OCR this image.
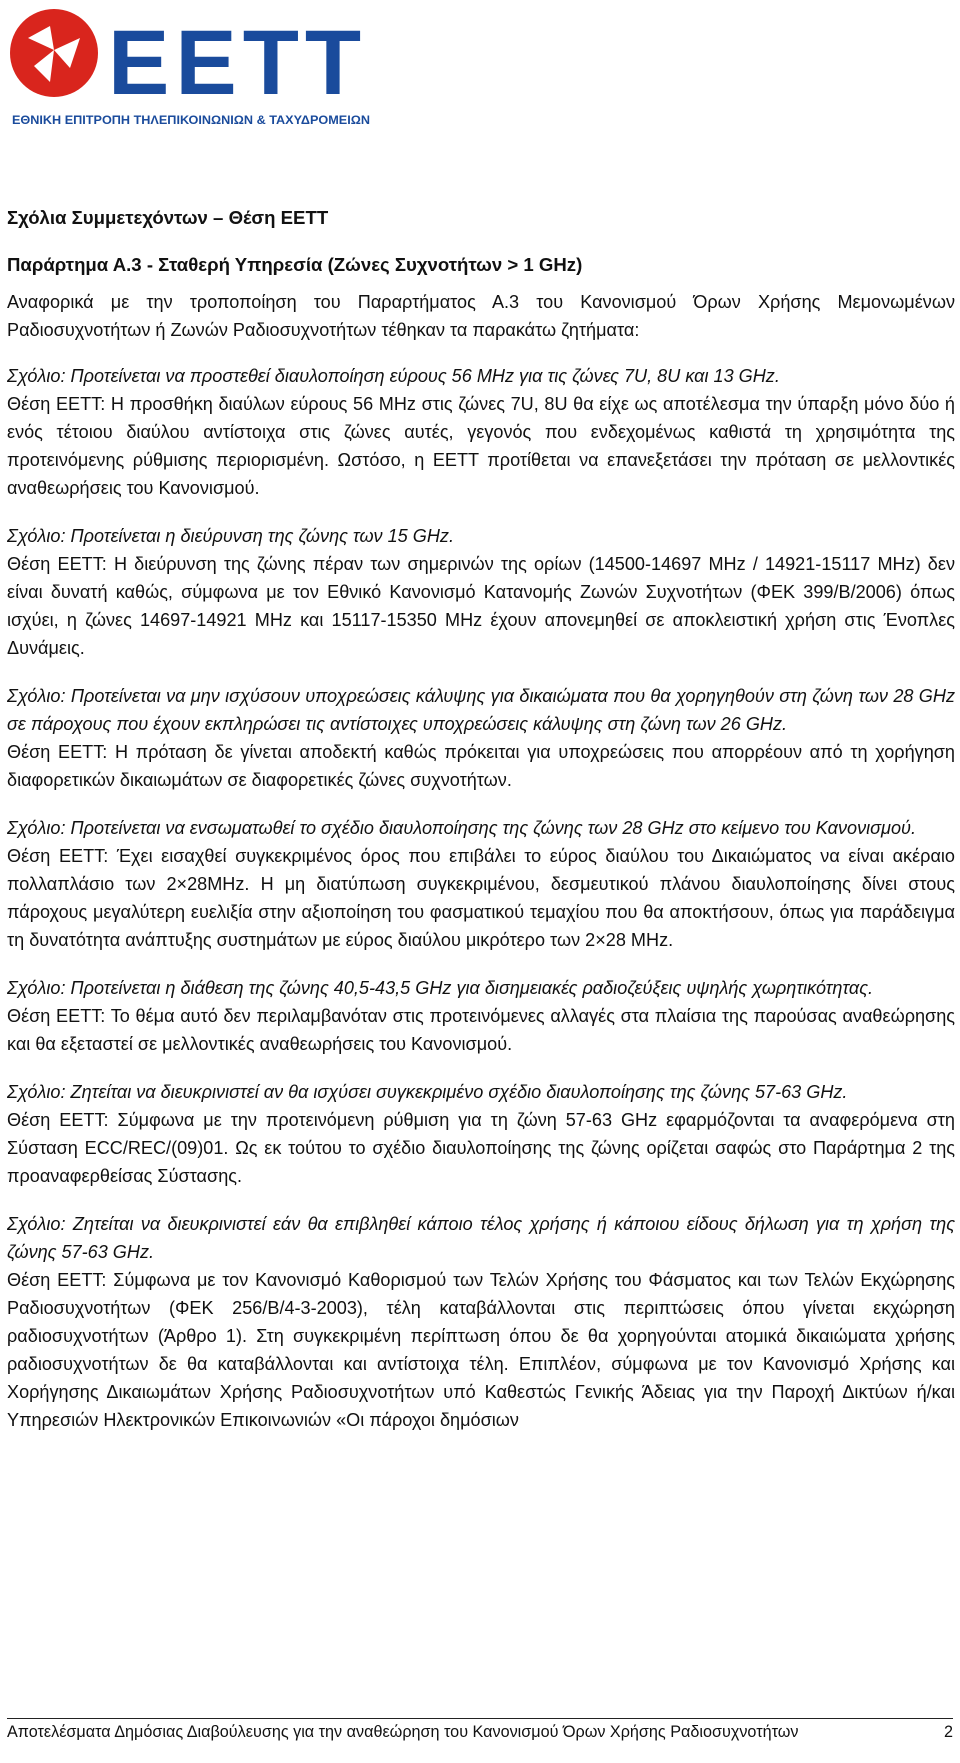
ΕΕΤΤ
ΕΘΝΙΚΗ ΕΠΙΤΡΟΠΗ ΤΗΛΕΠΙΚΟΙΝΩΝΙΩΝ & ΤΑΧΥΔΡΟΜΕΙΩΝ

Σχόλια Συμμετεχόντων – Θέση ΕΕΤΤ

Παράρτημα Α.3 - Σταθερή Υπηρεσία (Ζώνες Συχνοτήτων > 1 GHz)

Αναφορικά με την τροποποίηση του Παραρτήματος Α.3 του Κανονισμού Όρων Χρήσης Μεμονωμένων Ραδιοσυχνοτήτων ή Ζωνών Ραδιοσυχνοτήτων τέθηκαν τα παρακάτω ζητήματα:

Σχόλιο: Προτείνεται να προστεθεί διαυλοποίηση εύρους 56 MHz για τις ζώνες 7U, 8U και 13 GHz.

Θέση ΕΕΤΤ: Η προσθήκη διαύλων εύρους 56 MHz στις ζώνες 7U, 8U θα είχε ως αποτέλεσμα την ύπαρξη μόνο δύο ή ενός τέτοιου διαύλου αντίστοιχα στις ζώνες αυτές, γεγονός που ενδεχομένως καθιστά τη χρησιμότητα της προτεινόμενης ρύθμισης περιορισμένη. Ωστόσο, η ΕΕΤΤ προτίθεται να επανεξετάσει την πρόταση σε μελλοντικές αναθεωρήσεις του Κανονισμού.

Σχόλιο: Προτείνεται η διεύρυνση της ζώνης των 15 GHz.

Θέση ΕΕΤΤ: Η διεύρυνση της ζώνης πέραν των σημερινών της ορίων (14500-14697 MHz / 14921-15117 MHz) δεν είναι δυνατή καθώς, σύμφωνα με τον Εθνικό Κανονισμό Κατανομής Ζωνών Συχνοτήτων (ΦΕΚ 399/Β/2006) όπως ισχύει, η ζώνες 14697-14921 MHz και 15117-15350 MHz έχουν απονεμηθεί σε αποκλειστική χρήση στις Ένοπλες Δυνάμεις.

Σχόλιο: Προτείνεται να μην ισχύσουν υποχρεώσεις κάλυψης για δικαιώματα που θα χορηγηθούν στη ζώνη των 28 GHz σε πάροχους που έχουν εκπληρώσει τις αντίστοιχες υποχρεώσεις κάλυψης στη ζώνη των 26 GHz.

Θέση ΕΕΤΤ: Η πρόταση δε γίνεται αποδεκτή καθώς πρόκειται για υποχρεώσεις που απορρέουν από τη χορήγηση διαφορετικών δικαιωμάτων σε διαφορετικές ζώνες συχνοτήτων.

Σχόλιο: Προτείνεται να ενσωματωθεί το σχέδιο διαυλοποίησης της ζώνης των 28 GHz στο κείμενο του Κανονισμού.

Θέση ΕΕΤΤ: Έχει εισαχθεί συγκεκριμένος όρος που επιβάλει το εύρος διαύλου του Δικαιώματος να είναι ακέραιο πολλαπλάσιο των 2×28MHz. Η μη διατύπωση συγκεκριμένου, δεσμευτικού πλάνου διαυλοποίησης δίνει στους πάροχους μεγαλύτερη ευελιξία στην αξιοποίηση του φασματικού τεμαχίου που θα αποκτήσουν, όπως για παράδειγμα τη δυνατότητα ανάπτυξης συστημάτων με εύρος διαύλου μικρότερο των 2×28 MHz.

Σχόλιο: Προτείνεται η διάθεση της ζώνης 40,5-43,5 GHz για δισημειακές ραδιοζεύξεις υψηλής χωρητικότητας.

Θέση ΕΕΤΤ: Το θέμα αυτό δεν περιλαμβανόταν στις προτεινόμενες αλλαγές στα πλαίσια της παρούσας αναθεώρησης και θα εξεταστεί σε μελλοντικές αναθεωρήσεις του Κανονισμού.

Σχόλιο: Ζητείται να διευκρινιστεί αν θα ισχύσει συγκεκριμένο σχέδιο διαυλοποίησης της ζώνης 57-63 GHz.

Θέση ΕΕΤΤ: Σύμφωνα με την προτεινόμενη ρύθμιση για τη ζώνη 57-63 GHz εφαρμόζονται τα αναφερόμενα στη Σύσταση ECC/REC/(09)01. Ως εκ τούτου το σχέδιο διαυλοποίησης της ζώνης ορίζεται σαφώς στο Παράρτημα 2 της προαναφερθείσας Σύστασης.

Σχόλιο: Ζητείται να διευκρινιστεί εάν θα επιβληθεί κάποιο τέλος χρήσης ή κάποιου είδους δήλωση για τη χρήση της ζώνης 57-63 GHz.

Θέση ΕΕΤΤ: Σύμφωνα με τον Κανονισμό Καθορισμού των Τελών Χρήσης του Φάσματος και των Τελών Εκχώρησης Ραδιοσυχνοτήτων (ΦΕΚ 256/Β/4-3-2003), τέλη καταβάλλονται στις περιπτώσεις όπου γίνεται εκχώρηση ραδιοσυχνοτήτων (Άρθρο 1). Στη συγκεκριμένη περίπτωση όπου δε θα χορηγούνται ατομικά δικαιώματα χρήσης ραδιοσυχνοτήτων δε θα καταβάλλονται και αντίστοιχα τέλη. Επιπλέον, σύμφωνα με τον Κανονισμό Χρήσης και Χορήγησης Δικαιωμάτων Χρήσης Ραδιοσυχνοτήτων υπό Καθεστώς Γενικής Άδειας για την Παροχή Δικτύων ή/και Υπηρεσιών Ηλεκτρονικών Επικοινωνιών «Οι πάροχοι δημόσιων

Αποτελέσματα Δημόσιας Διαβούλευσης για την αναθεώρηση του Κανονισμού Όρων Χρήσης Ραδιοσυχνοτήτων	2
